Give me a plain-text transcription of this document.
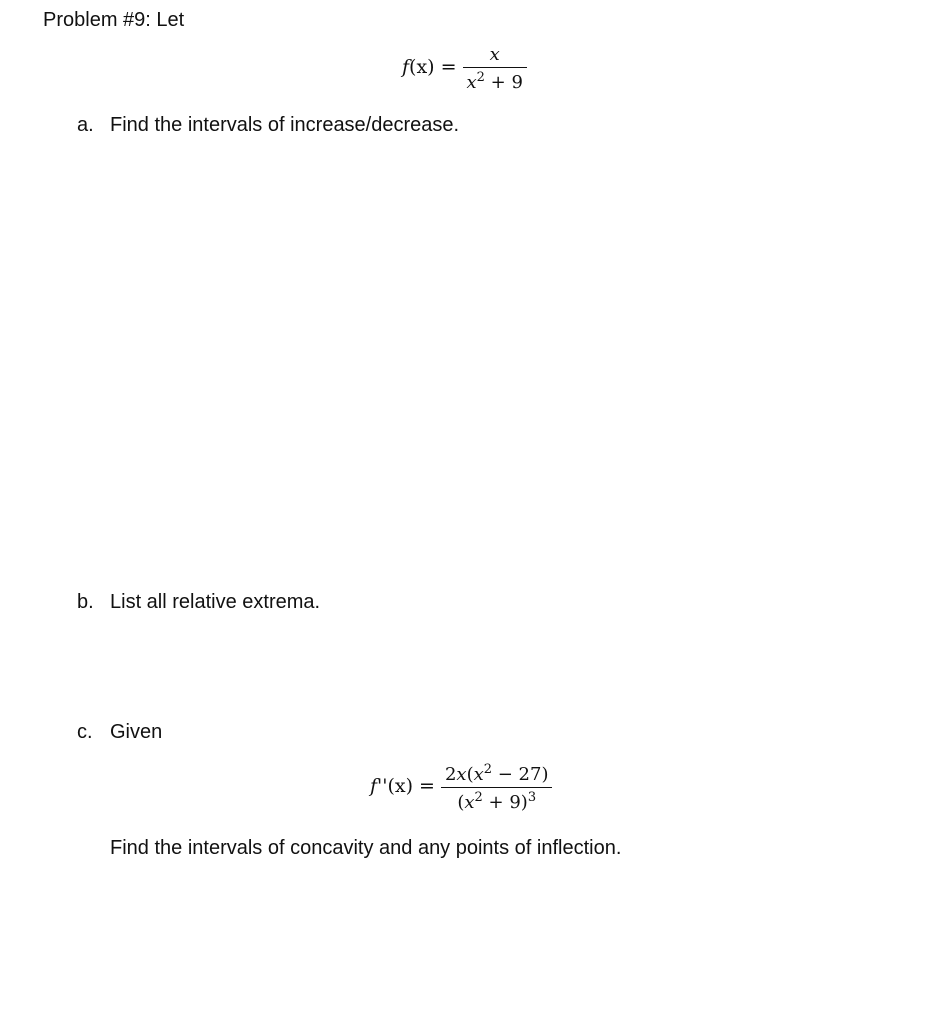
Problem #9: Let
$f(x) = \frac{x}{x^2 + 9}$
a. Find the intervals of increase/decrease.
b. List all relative extrema.
c. Given
$f''(x) = \frac{2x(x^2 - 27)}{(x^2 + 9)^3}$
Find the intervals of concavity and any points of inflection.
